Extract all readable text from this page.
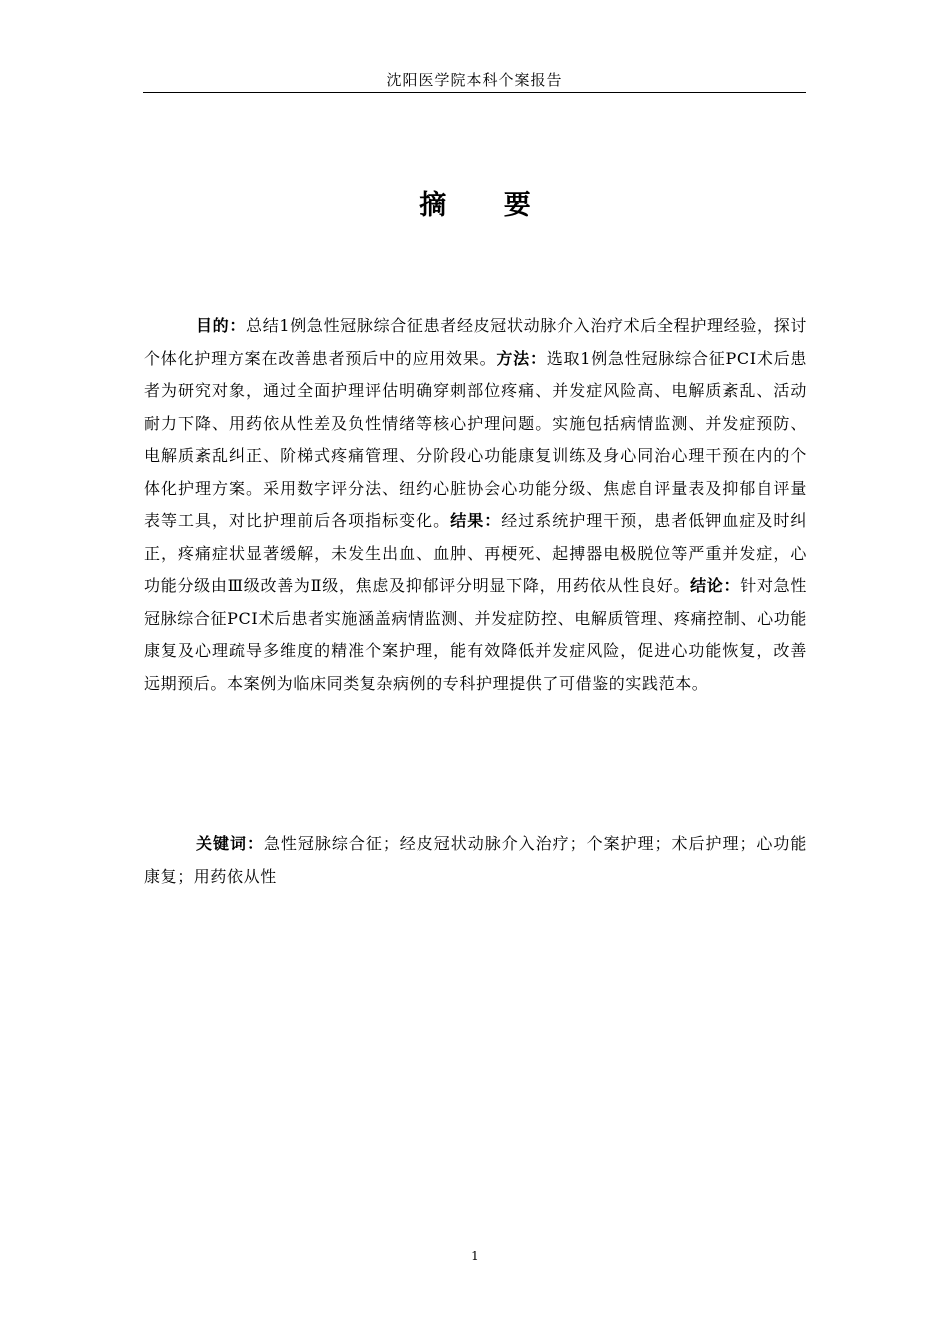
沈阳医学院本科个案报告
摘 要

目的：总结1例急性冠脉综合征患者经皮冠状动脉介入治疗术后全程护理经验，探讨个体化护理方案在改善患者预后中的应用效果。方法：选取1例急性冠脉综合征PCI术后患者为研究对象，通过全面护理评估明确穿刺部位疼痛、并发症风险高、电解质紊乱、活动耐力下降、用药依从性差及负性情绪等核心护理问题。实施包括病情监测、并发症预防、电解质紊乱纠正、阶梯式疼痛管理、分阶段心功能康复训练及身心同治心理干预在内的个体化护理方案。采用数字评分法、纽约心脏协会心功能分级、焦虑自评量表及抑郁自评量表等工具，对比护理前后各项指标变化。结果：经过系统护理干预，患者低钾血症及时纠正，疼痛症状显著缓解，未发生出血、血肿、再梗死、起搏器电极脱位等严重并发症，心功能分级由Ⅲ级改善为Ⅱ级，焦虑及抑郁评分明显下降，用药依从性良好。结论：针对急性冠脉综合征PCI术后患者实施涵盖病情监测、并发症防控、电解质管理、疼痛控制、心功能康复及心理疏导多维度的精准个案护理，能有效降低并发症风险，促进心功能恢复，改善远期预后。本案例为临床同类复杂病例的专科护理提供了可借鉴的实践范本。

关键词：急性冠脉综合征；经皮冠状动脉介入治疗；个案护理；术后护理；心功能康复；用药依从性

1
